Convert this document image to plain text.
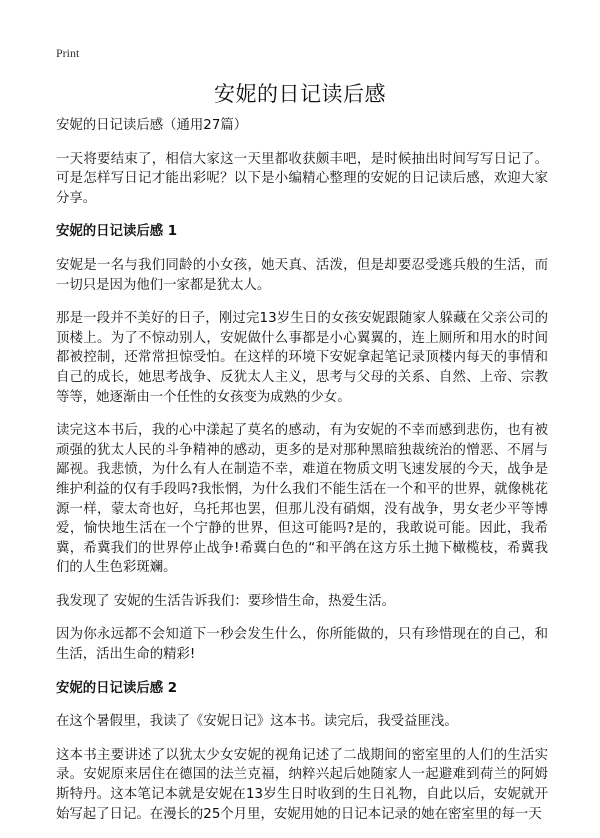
Print
安妮的日记读后感

安妮的日记读后感（通用27篇）

一天将要结束了，相信大家这一天里都收获颇丰吧，是时候抽出时间写写日记了。可是怎样写日记才能出彩呢？以下是小编精心整理的安妮的日记读后感，欢迎大家分享。

安妮的日记读后感 1

安妮是一名与我们同龄的小女孩，她天真、活泼，但是却要忍受逃兵般的生活，而一切只是因为他们一家都是犹太人。

那是一段并不美好的日子，刚过完13岁生日的女孩安妮跟随家人躲藏在父亲公司的顶楼上。为了不惊动别人，安妮做什么事都是小心翼翼的，连上厕所和用水的时间都被控制，还常常担惊受怕。在这样的环境下安妮拿起笔记录顶楼内每天的事情和自己的成长，她思考战争、反犹太人主义，思考与父母的关系、自然、上帝、宗教等等，她逐渐由一个任性的女孩变为成熟的少女。

读完这本书后，我的心中漾起了莫名的感动，有为安妮的不幸而感到悲伤，也有被顽强的犹太人民的斗争精神的感动，更多的是对那种黑暗独裁统治的憎恶、不屑与鄙视。我悲愤，为什么有人在制造不幸，难道在物质文明飞速发展的今天，战争是维护利益的仅有手段吗?我怅惘，为什么我们不能生活在一个和平的世界，就像桃花源一样，蒙太奇也好，乌托邦也罢，但那儿没有硝烟，没有战争，男女老少平等博爱，愉快地生活在一个宁静的世界，但这可能吗?是的，我敢说可能。因此，我希冀，希冀我们的世界停止战争!希冀白色的“和平鸽在这方乐土抛下橄榄枝，希冀我们的人生色彩斑斓。

我发现了 安妮的生活告诉我们：要珍惜生命，热爱生活。

因为你永远都不会知道下一秒会发生什么，你所能做的，只有珍惜现在的自己，和生活，活出生命的精彩!

安妮的日记读后感 2

在这个暑假里，我读了《安妮日记》这本书。读完后，我受益匪浅。

这本书主要讲述了以犹太少女安妮的视角记述了二战期间的密室里的人们的生活实录。安妮原来居住在德国的法兰克福，纳粹兴起后她随家人一起避难到荷兰的阿姆斯特丹。这本笔记本就是安妮在13岁生日时收到的生日礼物，自此以后，安妮就开始写起了日记。在漫长的25个月里，安妮用她的日记本记录的她在密室里的每一天
